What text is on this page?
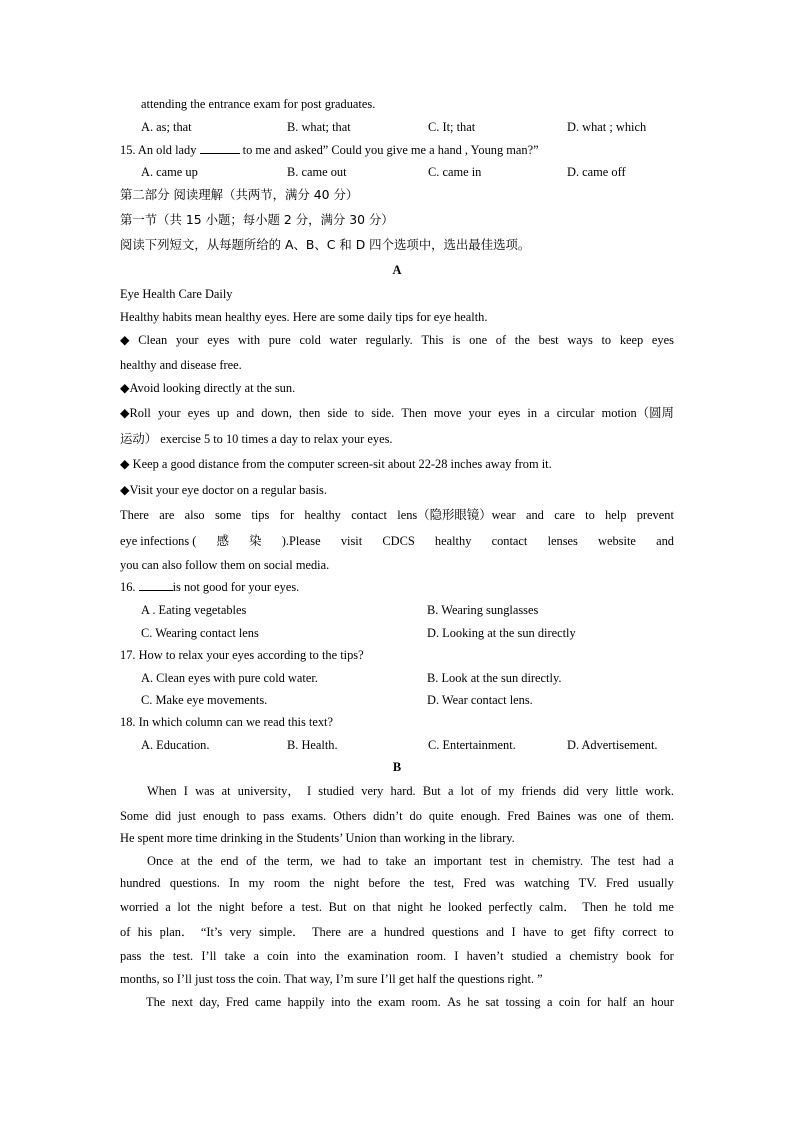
attending the entrance exam for post graduates.
A. as; that	B. what; that	C. It; that	D. what ; which
15. An old lady	to me and asked” Could you give me a hand , Young man?”
A. came up	B. came out	C. came in	D. came off
第二部分 阅读理解（共两节，满分 40 分）
第一节（共 15 小题；每小题 2 分，满分 30 分）
阅读下列短文，从每题所给的 A、B、C 和 D 四个选项中，选出最佳选项。
A
Eye Health Care Daily
Healthy habits mean healthy eyes. Here are some daily tips for eye health.
◆ Clean your eyes with pure cold water regularly. This is one of the best ways to keep eyes
healthy and disease free.
◆Avoid looking directly at the sun.
◆Roll your eyes up and down, then side to side. Then move your eyes in a circular motion（圆周
运动） exercise 5 to 10 times a day to relax your eyes.
◆ Keep a good distance from the computer screen-sit about 22-28 inches away from it.
◆Visit your eye doctor on a regular basis.
There are also some tips for healthy contact lens（隐形眼镜）wear and care to help prevent
eye infections ( 感 染 ).Please visit CDCS healthy contact lenses website and
you can also follow them on social media.
16.	is not good for your eyes.
A . Eating vegetables	B. Wearing sunglasses
C. Wearing contact lens	D. Looking at the sun directly
17. How to relax your eyes according to the tips?
A. Clean eyes with pure cold water.	B. Look at the sun directly.
C. Make eye movements.	D. Wear contact lens.
18. In which column can we read this text?
A. Education.	B. Health.	C. Entertainment.	D. Advertisement.
B
When I was at university， I studied very hard. But a lot of my friends did very little work.
Some did just enough to pass exams. Others didn’t do quite enough. Fred Baines was one of them.
He spent more time drinking in the Students’ Union than working in the library.
Once at the end of the term, we had to take an important test in chemistry. The test had a
hundred questions. In my room the night before the test, Fred was watching TV. Fred usually
worried a lot the night before a test. But on that night he looked perfectly calm． Then he told me
of his plan． “It’s very simple． There are a hundred questions and I have to get fifty correct to
pass the test. I’ll take a coin into the examination room. I haven’t studied a chemistry book for
months, so I’ll just toss the coin. That way, I’m sure I’ll get half the questions right. ”
The next day, Fred came happily into the exam room. As he sat tossing a coin for half an hour
